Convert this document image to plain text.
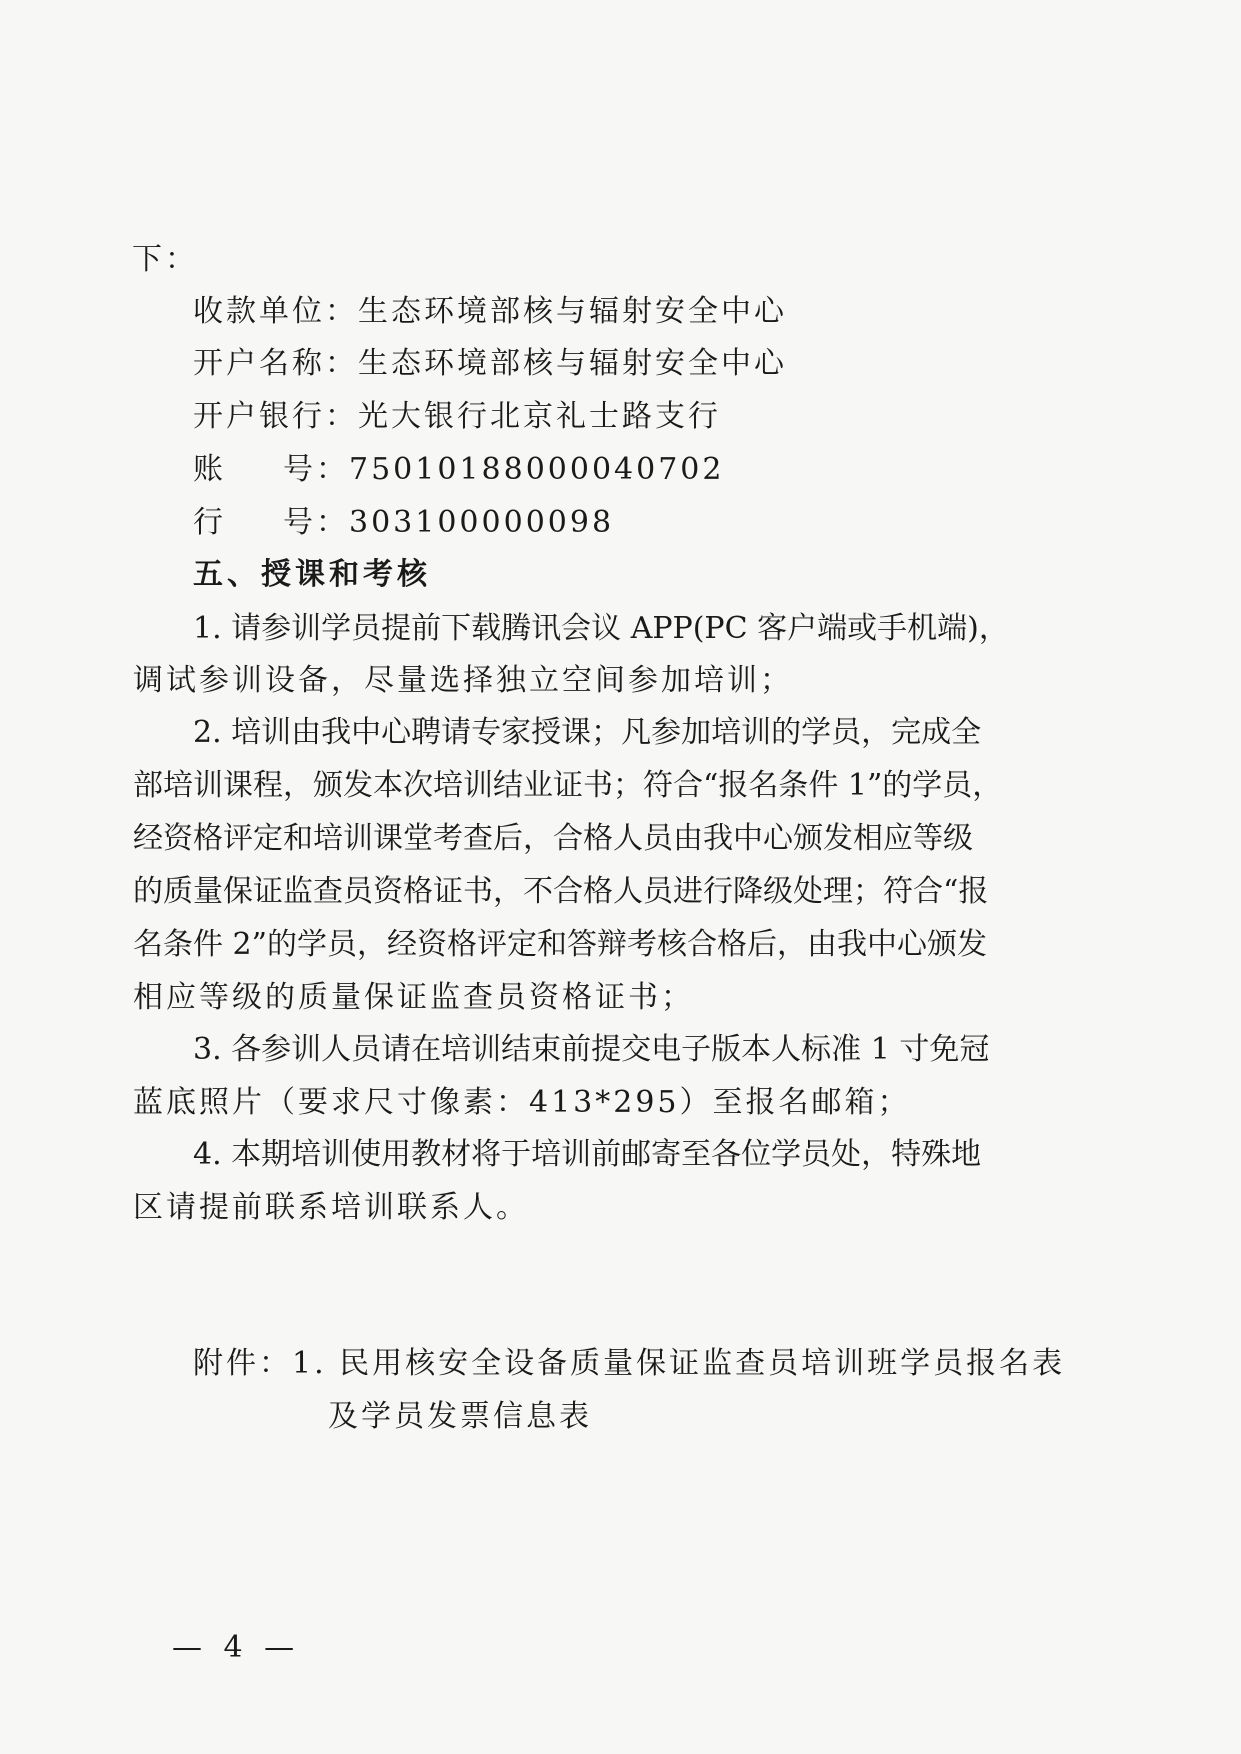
下：
收款单位：生态环境部核与辐射安全中心
开户名称：生态环境部核与辐射安全中心
开户银行：光大银行北京礼士路支行
账 号：75010188000040702
行 号：303100000098
五、授课和考核
1. 请参训学员提前下载腾讯会议 APP(PC 客户端或手机端)，
调试参训设备，尽量选择独立空间参加培训；
2. 培训由我中心聘请专家授课；凡参加培训的学员，完成全
部培训课程，颁发本次培训结业证书；符合“报名条件 1”的学员，
经资格评定和培训课堂考查后，合格人员由我中心颁发相应等级
的质量保证监查员资格证书，不合格人员进行降级处理；符合“报
名条件 2”的学员，经资格评定和答辩考核合格后，由我中心颁发
相应等级的质量保证监查员资格证书；
3. 各参训人员请在培训结束前提交电子版本人标准 1 寸免冠
蓝底照片（要求尺寸像素：413*295）至报名邮箱；
4. 本期培训使用教材将于培训前邮寄至各位学员处，特殊地
区请提前联系培训联系人。
附件：1. 民用核安全设备质量保证监查员培训班学员报名表
及学员发票信息表
— 4 —
